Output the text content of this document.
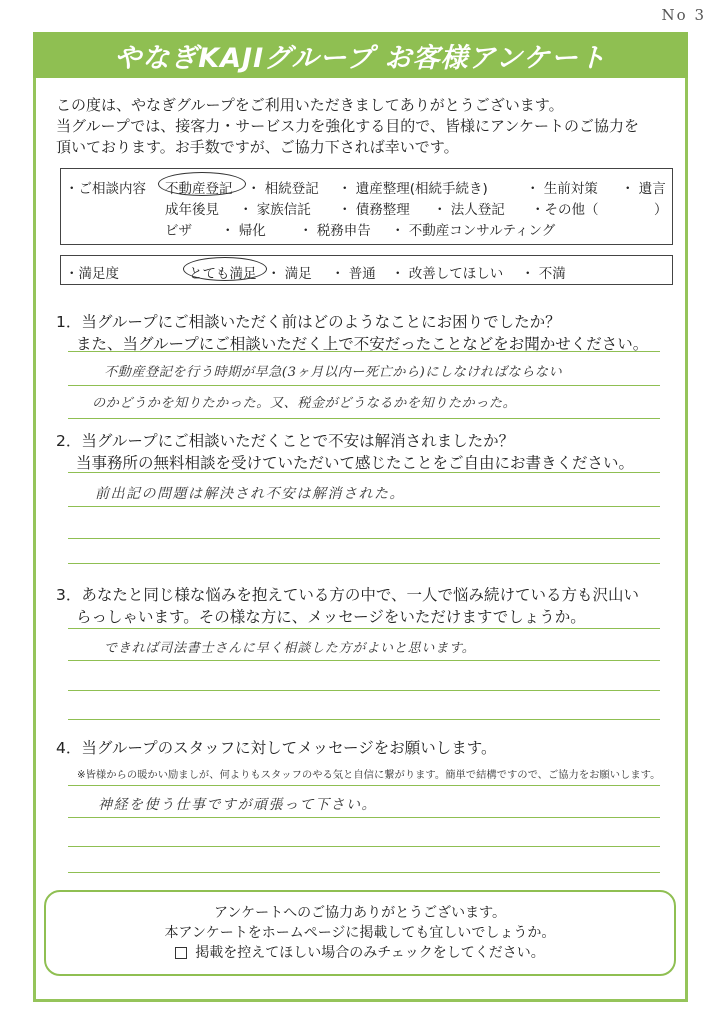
No 3
やなぎKAJIグループ お客様アンケート
この度は、やなぎグループをご利用いただきましてありがとうございます。
当グループでは、接客力・サービス力を強化する目的で、皆様にアンケートのご協力を
頂いております。お手数ですが、ご協力下されば幸いです。
・ご相談内容 不動産登記 ・ 相続登記 ・ 遺産整理(相続手続き)	・ 生前対策 ・ 遺言
成年後見 ・ 家族信託 ・ 債務整理 ・ 法人登記 ・その他（	）
ビザ ・ 帰化 ・ 税務申告 ・ 不動産コンサルティング
・満足度	とても満足 ・ 満足 ・ 普通 ・ 改善してほしい ・ 不満
1．当グループにご相談いただく前はどのようなことにお困りでしたか？
また、当グループにご相談いただく上で不安だったことなどをお聞かせください。
不動産登記を行う時期が早急(3ヶ月以内ー死亡から)にしなければならない
のかどうかを知りたかった。又、税金がどうなるかを知りたかった。
2．当グループにご相談いただくことで不安は解消されましたか？
当事務所の無料相談を受けていただいて感じたことをご自由にお書きください。
前出記の問題は解決され不安は解消された。
3．あなたと同じ様な悩みを抱えている方の中で、一人で悩み続けている方も沢山い
らっしゃいます。その様な方に、メッセージをいただけますでしょうか。
できれば司法書士さんに早く相談した方がよいと思います。
4．当グループのスタッフに対してメッセージをお願いします。
※皆様からの暖かい励ましが、何よりもスタッフのやる気と自信に繋がります。簡単で結構ですので、ご協力をお願いします。
神経を使う仕事ですが頑張って下さい。
アンケートへのご協力ありがとうございます。
本アンケートをホームページに掲載しても宜しいでしょうか。
掲載を控えてほしい場合のみチェックをしてください。
